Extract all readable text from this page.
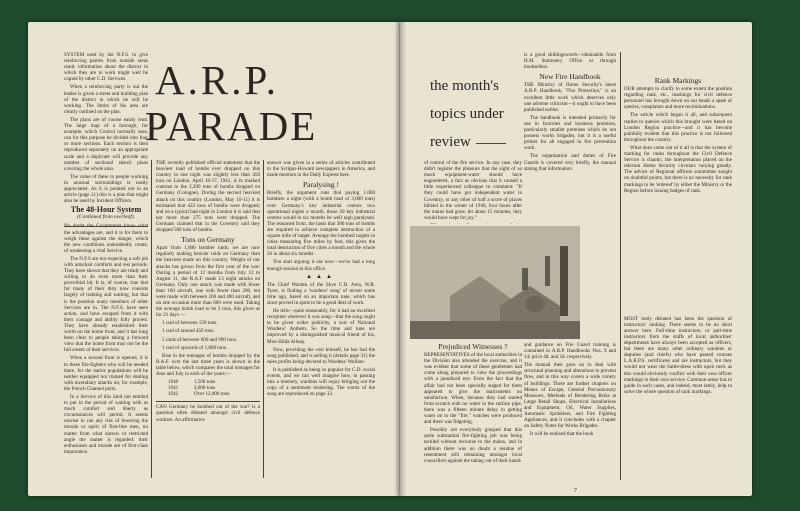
SYSTEM used by the N.F.S. to give reinforcing parties from outside areas ready information about the district in which they are to work might well be copied by other C.D. Services.

When a reinforcing party is out the leader is given a street and building plan of the district in which he will be working. The limits of his area are clearly outlined on the plan.

The plans are of course easily read. The large map of a borough, for example, which Control normally uses, can for this purpose be divided into four or more sections. Each section is then reproduced separately on an appropriate scale and a duplicate will provide any number of sectional sketch plans covering the whole area.

The value of these to people working in unusual surroundings is easily appreciated. As it is pointed out in an article (page 21) this is a plan that might also be used by Incident Officers.

The 48-Hour System
(Continued from overleaf).

No doubt the Government know what the advantages are, and it is for them to weigh these against the danger, which the new conditions undoubtedly create, of weakening a vital Service.

The N.F.S are not expecting a soft job with armchair comforts and rest periods. They have shown that they are ready and willing to do even more than their proverbial bit. It is, of course, true that for many of their duty now consists largely of training and waiting, but that is the position many members of other Services are in. The N.F.S. have seen action, and have escaped from it with their courage and ability fully proved. They have already established their worth on the home front, and it has long been clear to people taking a forward view that the home front may not be the full extent of their services.

When a second front is opened, it is to these fire-fighters who will be needed there, for the native populations will be neither equipped nor trained for dealing with incendiary attacks on, for example, the French Channel ports.

In a Service of this kind not entitled to put in the period of waiting with as much comfort and liberty as circumstances will permit. It seems unwise to run any risk of lowering the morale or spirit of first-line men, no matter from what narrow or restricted angle the matter is regarded: their enthusiasm and morale are of first-class importance.

A.R.P.
PARADE

THE recently published official statement that the heaviest load of bombs ever dropped on this country in one night was slightly less than 450 tons on London, April 16-17, 1941, is in marked contrast to the 2,300 tons of bombs dropped on Germany (Cologne). During the second heaviest attack on this country (London, May 10-11) it is estimated that 422 tons of bombs were dropped; and on a typical bad night in London it is said that not more than 275 tons were dropped. The Germans claimed that in the Coventry raid they dropped 500 tons of bombs.

Tons on Germany

Apart from 1,000 bomber raids, we are now regularly making heavier raids on Germany than the heaviest made on this country. Weight of our attacks has grown from the first year of the war: During a period of 12 months from July 12 to August 11, the R.A.F. made 13 night attacks on Germany. Only one attack was made with fewer than 100 aircraft, one with fewer than 200, ten were made with between 200 and 400 aircraft, and on one occasion more than 600 were used. Taking the average bomb load to be 3 tons, this gives us for 21 days —

1 raid of between 150 tons.

1 raid of around 450 tons.

5 raids of between 600 and 900 tons.

1 raid of upwards of 1,800 tons.

Rise in the tonnages of bombs dropped by the R.A.F. over the last three years is shown in the table below, which compares the total tonnages for June and July in each of the years:—

1940	1,500 tons
1941	4,000 tons
1942	Over 12,000 tons.

CAN Germany be bombed out of the war? is a question often debated amongst civil defence workers. An affirmative

answer was given in a series of articles contributed to the Scripps-Howard newspapers in America, and made mention in the Daily Express here.

Paralysing !

Briefly, the argument runs that paying 1,000 bombers a night (with a bomb load of 3,000 tons) over Germany's key industrial centres two operational nights a month, those 20 key industrial centres would in six months be well nigh paralysed. The reasoned front, the basis that 300 tons of bombs are required to achieve complete destruction of a square mile of target. Average the bombed targets in cities measuring five miles by four, this gives the total destruction of five cities a month and the whole 20 in about six months.

You start arguing it out now—we've had a long enough session in this office.

▲▲▲

The Chief Warden of the Skye C.D. Area, W.R. Tyrer, is finding a 'wardens' song' of recent some time ago, based on an important tune, which has since proved in spots to be a good deal of work.

He tells—quite reasonably, for it had an excellent reception wherever it was sung—that the song ought to be given wider publicity, a sort of National Wardens' Anthem. So the time and tune are improved by a distinguished musical friend of his, Miss Hilda Allsop.

Now, providing the cost himself, he has had the song published, and is selling it (details page 31) the sales profits being devoted to Wardens' Welfare.

It is published as being so popular for C.D. social events, and we can well imagine how, in passing into a memory, wardens will enjoy bringing out the copy of a sentiment rendering. The words of the song are reproduced on page 33.

the month's
topics under
review

of control of the fire service. In any case, they didn't register the pleasure that the sight of so much equipment-water should have engendered, a fact as obvious that it caused a little experienced colleague to comment: "If they could have got independent water in Coventry, or any other of half a score of places blitzed in the winter of 1940, four hours after the mains had gone, let alone 15 minutes, they would have wept for joy."

is a good shillingsworth—obtainable from H.M. Stationery Office or through booksellers.

New Fire Handbook

THE Ministry of Home Security's latest A.R.P. Handbook, "Fire Protection," is an excellent little work which deserves only one adverse criticism—it ought to have been published earlier.

The handbook is intended primarily for use in factories and business premises, particularly smaller premises which do not possess works brigades, but it is a useful primer for all engaged in fire prevention work.

The organisation and duties of Fire Guards is covered very briefly, the manual stating that information

Prejudiced Witnesses ?

REPRESENTATIVES of the local authorities in the Division also attended the exercise, and it was evident that some of these gentlemen had come along prepared to view the proceedings with a jaundiced eye. Even the fact that the affair had not been specially staged for them appeared to give the malcontents no satisfaction. When, because they had started from scratch with no water in the surface pipe, there was a fifteen minute delay in getting water on to the "fire," watches were produced and there was fidgeting.

Possibly not everybody grasped that this quite substantial fire-fighting job was being tackled without recourse to the mains, and in addition there was no doubt a residue of resentment still remaining amongst local councillors against the taking out of their hands

and guidance on Fire Guard training is contained in A.R.P. Handbooks Nos. 9 and 14; price 4d. and 2d. respectively.

The manual then goes on to deal with structural planning and alterations to prevent fires, and in this way covers a wide variety of buildings. There are further chapters on Means of Escape, General Precautionary Measures, Methods of Rendering Risks at Large Retail Shops, Electrical Installations and Equipment, Oil, Water Supplies, Automatic Sprinklers, and Fire Fighting Appliances, and it concludes with a chapter on Safety Notes for Works Brigades.

It will be realised that the book

Rank Markings

OUR attempts to clarify to some extent the position regarding rank, etc., markings for civil defence personnel has brought down on our heads a spate of queries, complaints and more recriminations.

The article which began it all, and subsequent replies to queries which this brought were based on London Region practice—and it has become painfully evident that this practice is not followed throughout the country.

What does come out of it all is that the system of marking for ranks throughout the Civil Defence Service is chaotic, the interpretation placed on the relevant Home Security circulars varying greatly. The advice of Regional officers sometimes sought on doubtful points, but there is no necessity for rank markings to be 'ordered' by either the Ministry or the Region before issuing badges of rank.

MOST hotly debated has been the question of instructors' ranking. There seems to be no short answer here. Full-time instructors, or part-time instructors from the staffs of local authorities' departments have always been accepted as officers, but there are many other ordinary wardens or deputies (and chiefs) who have passed courses L.A.R.P.S. certificates and are instructors, but they would not wear the battle-dress with upon neck as this would obviously conflict with their own officer markings in their own service. Common sense has to guide in such cases, and indeed, most lately, help to solve the whole question of rank markings.

7
